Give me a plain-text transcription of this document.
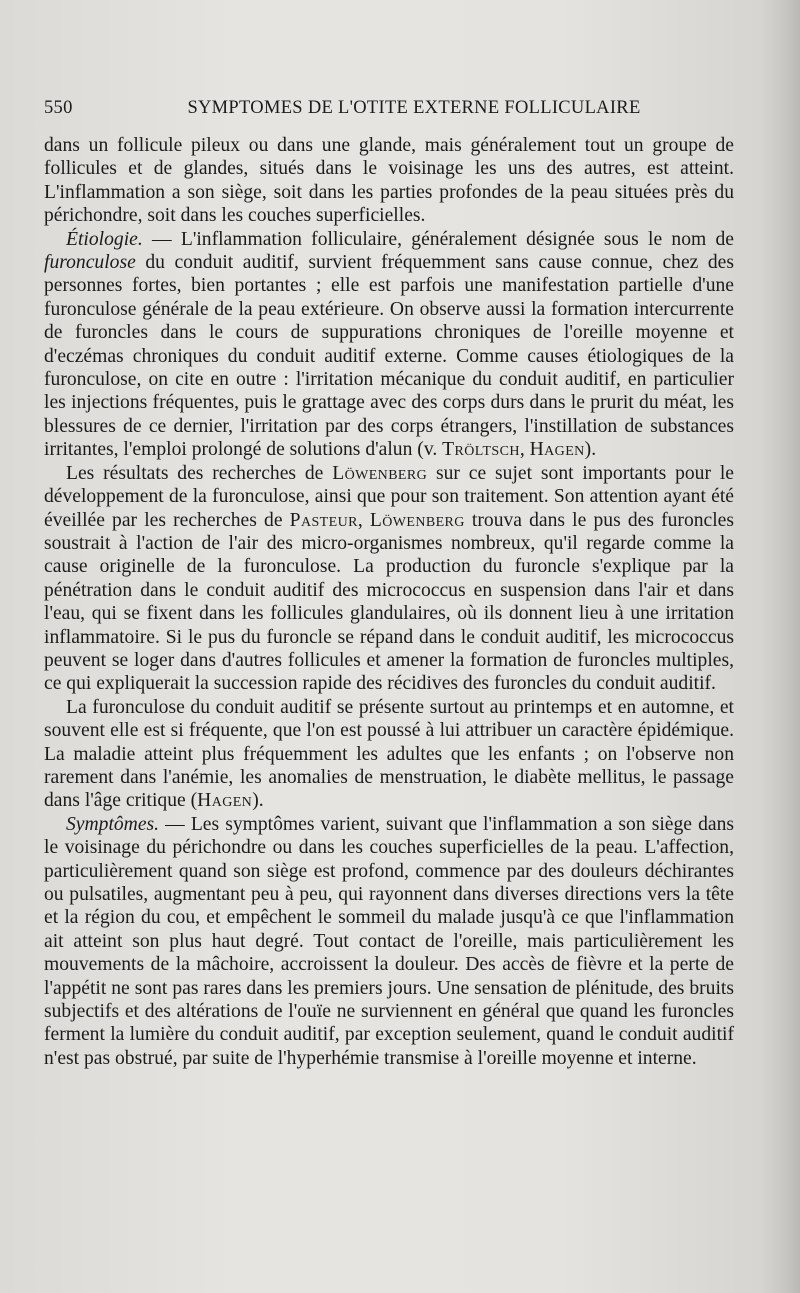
550	SYMPTOMES DE L'OTITE EXTERNE FOLLICULAIRE

dans un follicule pileux ou dans une glande, mais généralement tout un groupe de follicules et de glandes, situés dans le voisinage les uns des autres, est atteint. L'inflammation a son siège, soit dans les parties profondes de la peau situées près du périchondre, soit dans les couches superficielles.

Étiologie. — L'inflammation folliculaire, généralement désignée sous le nom de furonculose du conduit auditif, survient fréquemment sans cause connue, chez des personnes fortes, bien portantes ; elle est parfois une manifestation partielle d'une furonculose générale de la peau extérieure. On observe aussi la formation intercurrente de furoncles dans le cours de suppurations chroniques de l'oreille moyenne et d'eczémas chroniques du conduit auditif externe. Comme causes étiologiques de la furonculose, on cite en outre : l'irritation mécanique du conduit auditif, en particulier les injections fréquentes, puis le grattage avec des corps durs dans le prurit du méat, les blessures de ce dernier, l'irritation par des corps étrangers, l'instillation de substances irritantes, l'emploi prolongé de solutions d'alun (v. Tröltsch, Hagen).

Les résultats des recherches de Löwenberg sur ce sujet sont importants pour le développement de la furonculose, ainsi que pour son traitement. Son attention ayant été éveillée par les recherches de Pasteur, Löwenberg trouva dans le pus des furoncles soustrait à l'action de l'air des micro-organismes nombreux, qu'il regarde comme la cause originelle de la furonculose. La production du furoncle s'explique par la pénétration dans le conduit auditif des micrococcus en suspension dans l'air et dans l'eau, qui se fixent dans les follicules glandulaires, où ils donnent lieu à une irritation inflammatoire. Si le pus du furoncle se répand dans le conduit auditif, les micrococcus peuvent se loger dans d'autres follicules et amener la formation de furoncles multiples, ce qui expliquerait la succession rapide des récidives des furoncles du conduit auditif.

La furonculose du conduit auditif se présente surtout au printemps et en automne, et souvent elle est si fréquente, que l'on est poussé à lui attribuer un caractère épidémique. La maladie atteint plus fréquemment les adultes que les enfants ; on l'observe non rarement dans l'anémie, les anomalies de menstruation, le diabète mellitus, le passage dans l'âge critique (Hagen).

Symptômes. — Les symptômes varient, suivant que l'inflammation a son siège dans le voisinage du périchondre ou dans les couches superficielles de la peau. L'affection, particulièrement quand son siège est profond, commence par des douleurs déchirantes ou pulsatiles, augmentant peu à peu, qui rayonnent dans diverses directions vers la tête et la région du cou, et empêchent le sommeil du malade jusqu'à ce que l'inflammation ait atteint son plus haut degré. Tout contact de l'oreille, mais particulièrement les mouvements de la mâchoire, accroissent la douleur. Des accès de fièvre et la perte de l'appétit ne sont pas rares dans les premiers jours. Une sensation de plénitude, des bruits subjectifs et des altérations de l'ouïe ne surviennent en général que quand les furoncles ferment la lumière du conduit auditif, par exception seulement, quand le conduit auditif n'est pas obstrué, par suite de l'hyperhémie transmise à l'oreille moyenne et interne.
